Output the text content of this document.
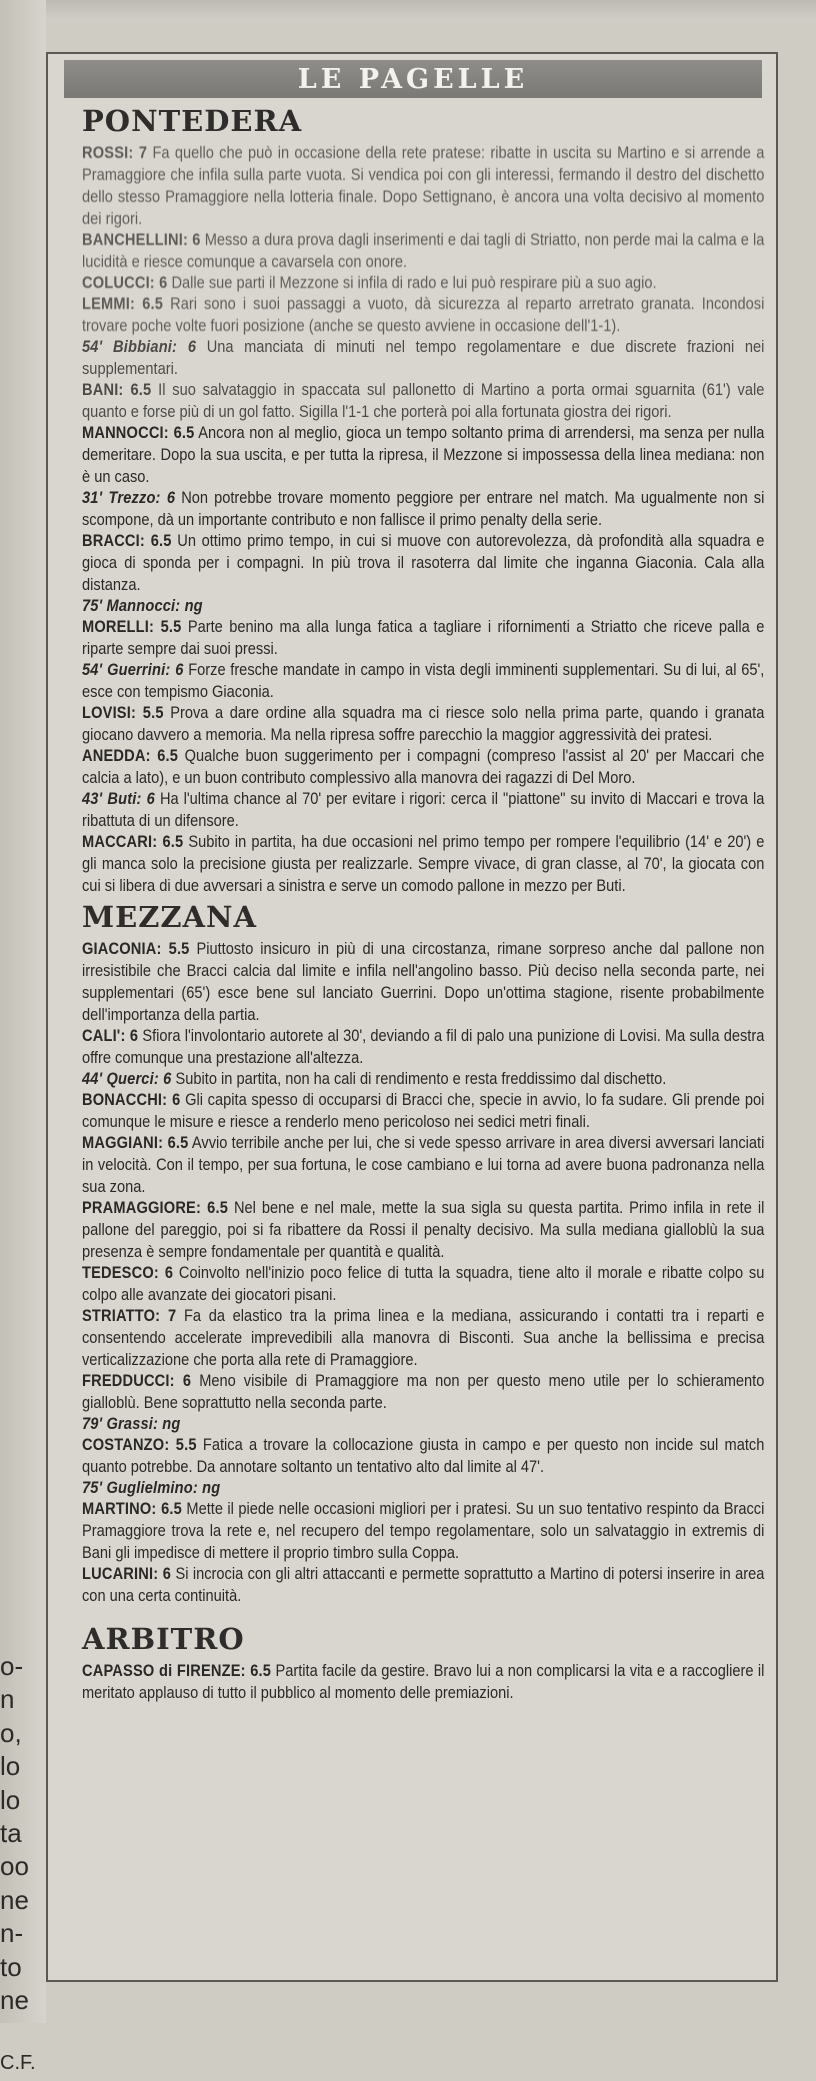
o-
n
o,
lo
lo
ta
oo
ne
n-
to
ne
C.F.
LE PAGELLE
PONTEDERA
ROSSI: 7 Fa quello che può in occasione della rete pratese: ribatte in uscita su Martino e si arrende a Pramaggiore che infila sulla parte vuota. Si vendica poi con gli interessi, fermando il destro del dischetto dello stesso Pramaggiore nella lotteria finale. Dopo Settignano, è ancora una volta decisivo al momento dei rigori.
BANCHELLINI: 6 Messo a dura prova dagli inserimenti e dai tagli di Striatto, non perde mai la calma e la lucidità e riesce comunque a cavarsela con onore.
COLUCCI: 6 Dalle sue parti il Mezzone si infila di rado e lui può respirare più a suo agio.
LEMMI: 6.5 Rari sono i suoi passaggi a vuoto, dà sicurezza al reparto arretrato granata. Incondosi trovare poche volte fuori posizione (anche se questo avviene in occasione dell'1-1).
54' Bibbiani: 6 Una manciata di minuti nel tempo regolamentare e due discrete frazioni nei supplementari.
BANI: 6.5 Il suo salvataggio in spaccata sul pallonetto di Martino a porta ormai sguarnita (61') vale quanto e forse più di un gol fatto. Sigilla l'1-1 che porterà poi alla fortunata giostra dei rigori.
MANNOCCI: 6.5 Ancora non al meglio, gioca un tempo soltanto prima di arrendersi, ma senza per nulla demeritare. Dopo la sua uscita, e per tutta la ripresa, il Mezzone si impossessa della linea mediana: non è un caso.
31' Trezzo: 6 Non potrebbe trovare momento peggiore per entrare nel match. Ma ugualmente non si scompone, dà un importante contributo e non fallisce il primo penalty della serie.
BRACCI: 6.5 Un ottimo primo tempo, in cui si muove con autorevolezza, dà profondità alla squadra e gioca di sponda per i compagni. In più trova il rasoterra dal limite che inganna Giaconia. Cala alla distanza.
75' Mannocci: ng
MORELLI: 5.5 Parte benino ma alla lunga fatica a tagliare i rifornimenti a Striatto che riceve palla e riparte sempre dai suoi pressi.
54' Guerrini: 6 Forze fresche mandate in campo in vista degli imminenti supplementari. Su di lui, al 65', esce con tempismo Giaconia.
LOVISI: 5.5 Prova a dare ordine alla squadra ma ci riesce solo nella prima parte, quando i granata giocano davvero a memoria. Ma nella ripresa soffre parecchio la maggior aggressività dei pratesi.
ANEDDA: 6.5 Qualche buon suggerimento per i compagni (compreso l'assist al 20' per Maccari che calcia a lato), e un buon contributo complessivo alla manovra dei ragazzi di Del Moro.
43' Buti: 6 Ha l'ultima chance al 70' per evitare i rigori: cerca il "piattone" su invito di Maccari e trova la ribattuta di un difensore.
MACCARI: 6.5 Subito in partita, ha due occasioni nel primo tempo per rompere l'equilibrio (14' e 20') e gli manca solo la precisione giusta per realizzarle. Sempre vivace, di gran classe, al 70', la giocata con cui si libera di due avversari a sinistra e serve un comodo pallone in mezzo per Buti.
MEZZANA
GIACONIA: 5.5 Piuttosto insicuro in più di una circostanza, rimane sorpreso anche dal pallone non irresistibile che Bracci calcia dal limite e infila nell'angolino basso. Più deciso nella seconda parte, nei supplementari (65') esce bene sul lanciato Guerrini. Dopo un'ottima stagione, risente probabilmente dell'importanza della partia.
CALI': 6 Sfiora l'involontario autorete al 30', deviando a fil di palo una punizione di Lovisi. Ma sulla destra offre comunque una prestazione all'altezza.
44' Querci: 6 Subito in partita, non ha cali di rendimento e resta freddissimo dal dischetto.
BONACCHI: 6 Gli capita spesso di occuparsi di Bracci che, specie in avvio, lo fa sudare. Gli prende poi comunque le misure e riesce a renderlo meno pericoloso nei sedici metri finali.
MAGGIANI: 6.5 Avvio terribile anche per lui, che si vede spesso arrivare in area diversi avversari lanciati in velocità. Con il tempo, per sua fortuna, le cose cambiano e lui torna ad avere buona padronanza nella sua zona.
PRAMAGGIORE: 6.5 Nel bene e nel male, mette la sua sigla su questa partita. Primo infila in rete il pallone del pareggio, poi si fa ribattere da Rossi il penalty decisivo. Ma sulla mediana gialloblù la sua presenza è sempre fondamentale per quantità e qualità.
TEDESCO: 6 Coinvolto nell'inizio poco felice di tutta la squadra, tiene alto il morale e ribatte colpo su colpo alle avanzate dei giocatori pisani.
STRIATTO: 7 Fa da elastico tra la prima linea e la mediana, assicurando i contatti tra i reparti e consentendo accelerate imprevedibili alla manovra di Bisconti. Sua anche la bellissima e precisa verticalizzazione che porta alla rete di Pramaggiore.
FREDDUCCI: 6 Meno visibile di Pramaggiore ma non per questo meno utile per lo schieramento gialloblù. Bene soprattutto nella seconda parte.
79' Grassi: ng
COSTANZO: 5.5 Fatica a trovare la collocazione giusta in campo e per questo non incide sul match quanto potrebbe. Da annotare soltanto un tentativo alto dal limite al 47'.
75' Guglielmino: ng
MARTINO: 6.5 Mette il piede nelle occasioni migliori per i pratesi. Su un suo tentativo respinto da Bracci Pramaggiore trova la rete e, nel recupero del tempo regolamentare, solo un salvataggio in extremis di Bani gli impedisce di mettere il proprio timbro sulla Coppa.
LUCARINI: 6 Si incrocia con gli altri attaccanti e permette soprattutto a Martino di potersi inserire in area con una certa continuità.
ARBITRO
CAPASSO di FIRENZE: 6.5 Partita facile da gestire. Bravo lui a non complicarsi la vita e a raccogliere il meritato applauso di tutto il pubblico al momento delle premiazioni.
